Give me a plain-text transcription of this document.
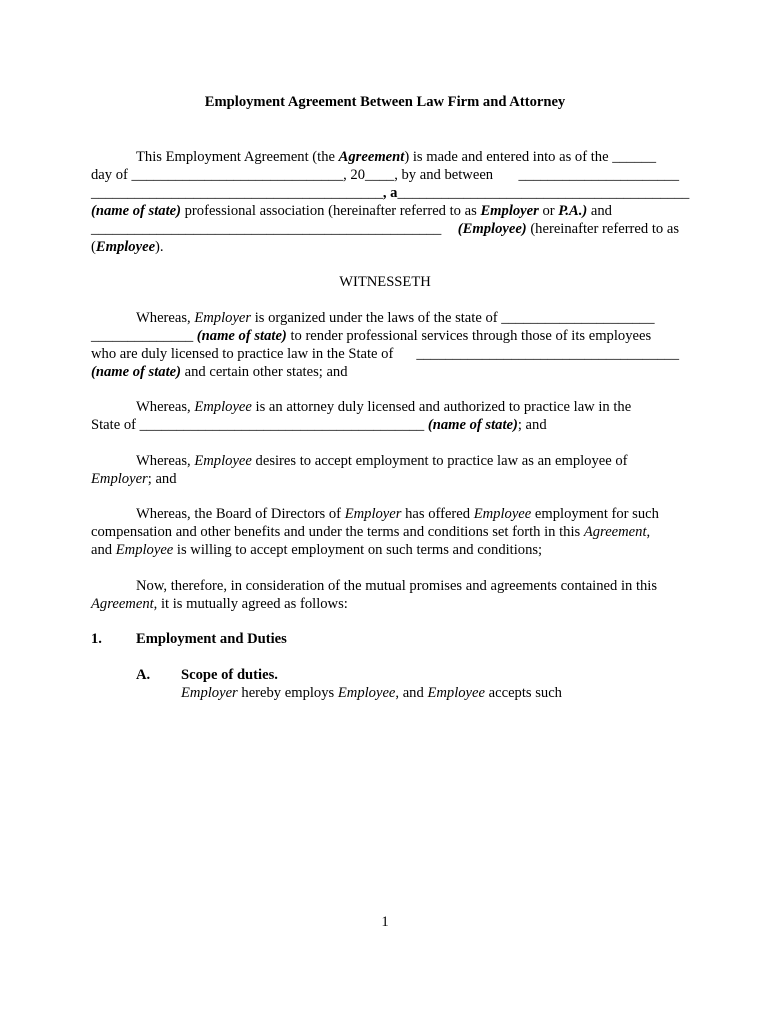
Employment Agreement Between Law Firm and Attorney
This Employment Agreement (the Agreement) is made and entered into as of the ______
day of _____________________________, 20____, by and between ______________________
________________________________________ , a ________________________________________
(name of state) professional association (hereinafter referred to as Employer or P.A.) and
________________________________________________ (Employee) (hereinafter referred to as
(Employee).
WITNESSETH
Whereas, Employer is organized under the laws of the state of _____________________
______________ (name of state) to render professional services through those of its employees
who are duly licensed to practice law in the State of ____________________________________
(name of state) and certain other states; and
Whereas, Employee is an attorney duly licensed and authorized to practice law in the
State of _______________________________________ (name of state); and
Whereas, Employee desires to accept employment to practice law as an employee of
Employer; and
Whereas, the Board of Directors of Employer has offered Employee employment for such
compensation and other benefits and under the terms and conditions set forth in this Agreement,
and Employee is willing to accept employment on such terms and conditions;
Now, therefore, in consideration of the mutual promises and agreements contained in this
Agreement, it is mutually agreed as follows:
1. Employment and Duties
A. Scope of duties.
Employer hereby employs Employee, and Employee accepts such
1
